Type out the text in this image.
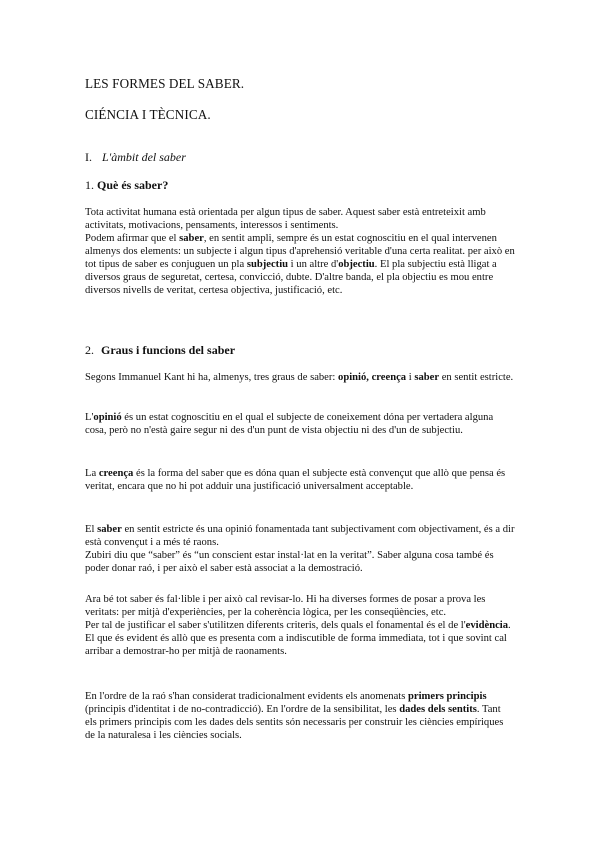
LES FORMES DEL SABER.
CIÉNCIA I TÈCNICA.
I. L'àmbit del saber
1. Què és saber?

Tota activitat humana està orientada per algun tipus de saber. Aquest saber està entreteixit amb activitats, motivacions, pensaments, interessos i sentiments.

Podem afirmar que el saber, en sentit ampli, sempre és un estat cognoscitiu en el qual intervenen almenys dos elements: un subjecte i algun tipus d'aprehensió veritable d'una certa realitat. per això en tot tipus de saber es conjuguen un pla subjectiu i un altre d'objectiu. El pla subjectiu està lligat a diversos graus de seguretat, certesa, convicció, dubte. D'altre banda, el pla objectiu es mou entre diversos nivells de veritat, certesa objectiva, justificació, etc.

2. Graus i funcions del saber

Segons Immanuel Kant hi ha, almenys, tres graus de saber: opinió, creença i saber en sentit estricte.

L'opinió és un estat cognoscitiu en el qual el subjecte de coneixement dóna per vertadera alguna cosa, però no n'està gaire segur ni des d'un punt de vista objectiu ni des d'un de subjectiu.

La creença és la forma del saber que es dóna quan el subjecte està convençut que allò que pensa és veritat, encara que no hi pot adduir una justificació universalment acceptable.

El saber en sentit estricte és una opinió fonamentada tant subjectivament com objectivament, és a dir està convençut i a més té raons.

Zubiri diu que “saber” és “un conscient estar instal·lat en la veritat”. Saber alguna cosa també és poder donar raó, i per això el saber està associat a la demostració.

Ara bé tot saber és fal·lible i per això cal revisar-lo. Hi ha diverses formes de posar a prova les veritats: per mitjà d'experiències, per la coherència lògica, per les conseqüències, etc.

Per tal de justificar el saber s'utilitzen diferents criteris, dels quals el fonamental és el de l'evidència. El que és evident és allò que es presenta com a indiscutible de forma immediata, tot i que sovint cal arribar a demostrar-ho per mitjà de raonaments.

En l'ordre de la raó s'han considerat tradicionalment evidents els anomenats primers principis (principis d'identitat i de no-contradicció). En l'ordre de la sensibilitat, les dades dels sentits. Tant els primers principis com les dades dels sentits són necessaris per construir les ciències empíriques de la naturalesa i les ciències socials.
